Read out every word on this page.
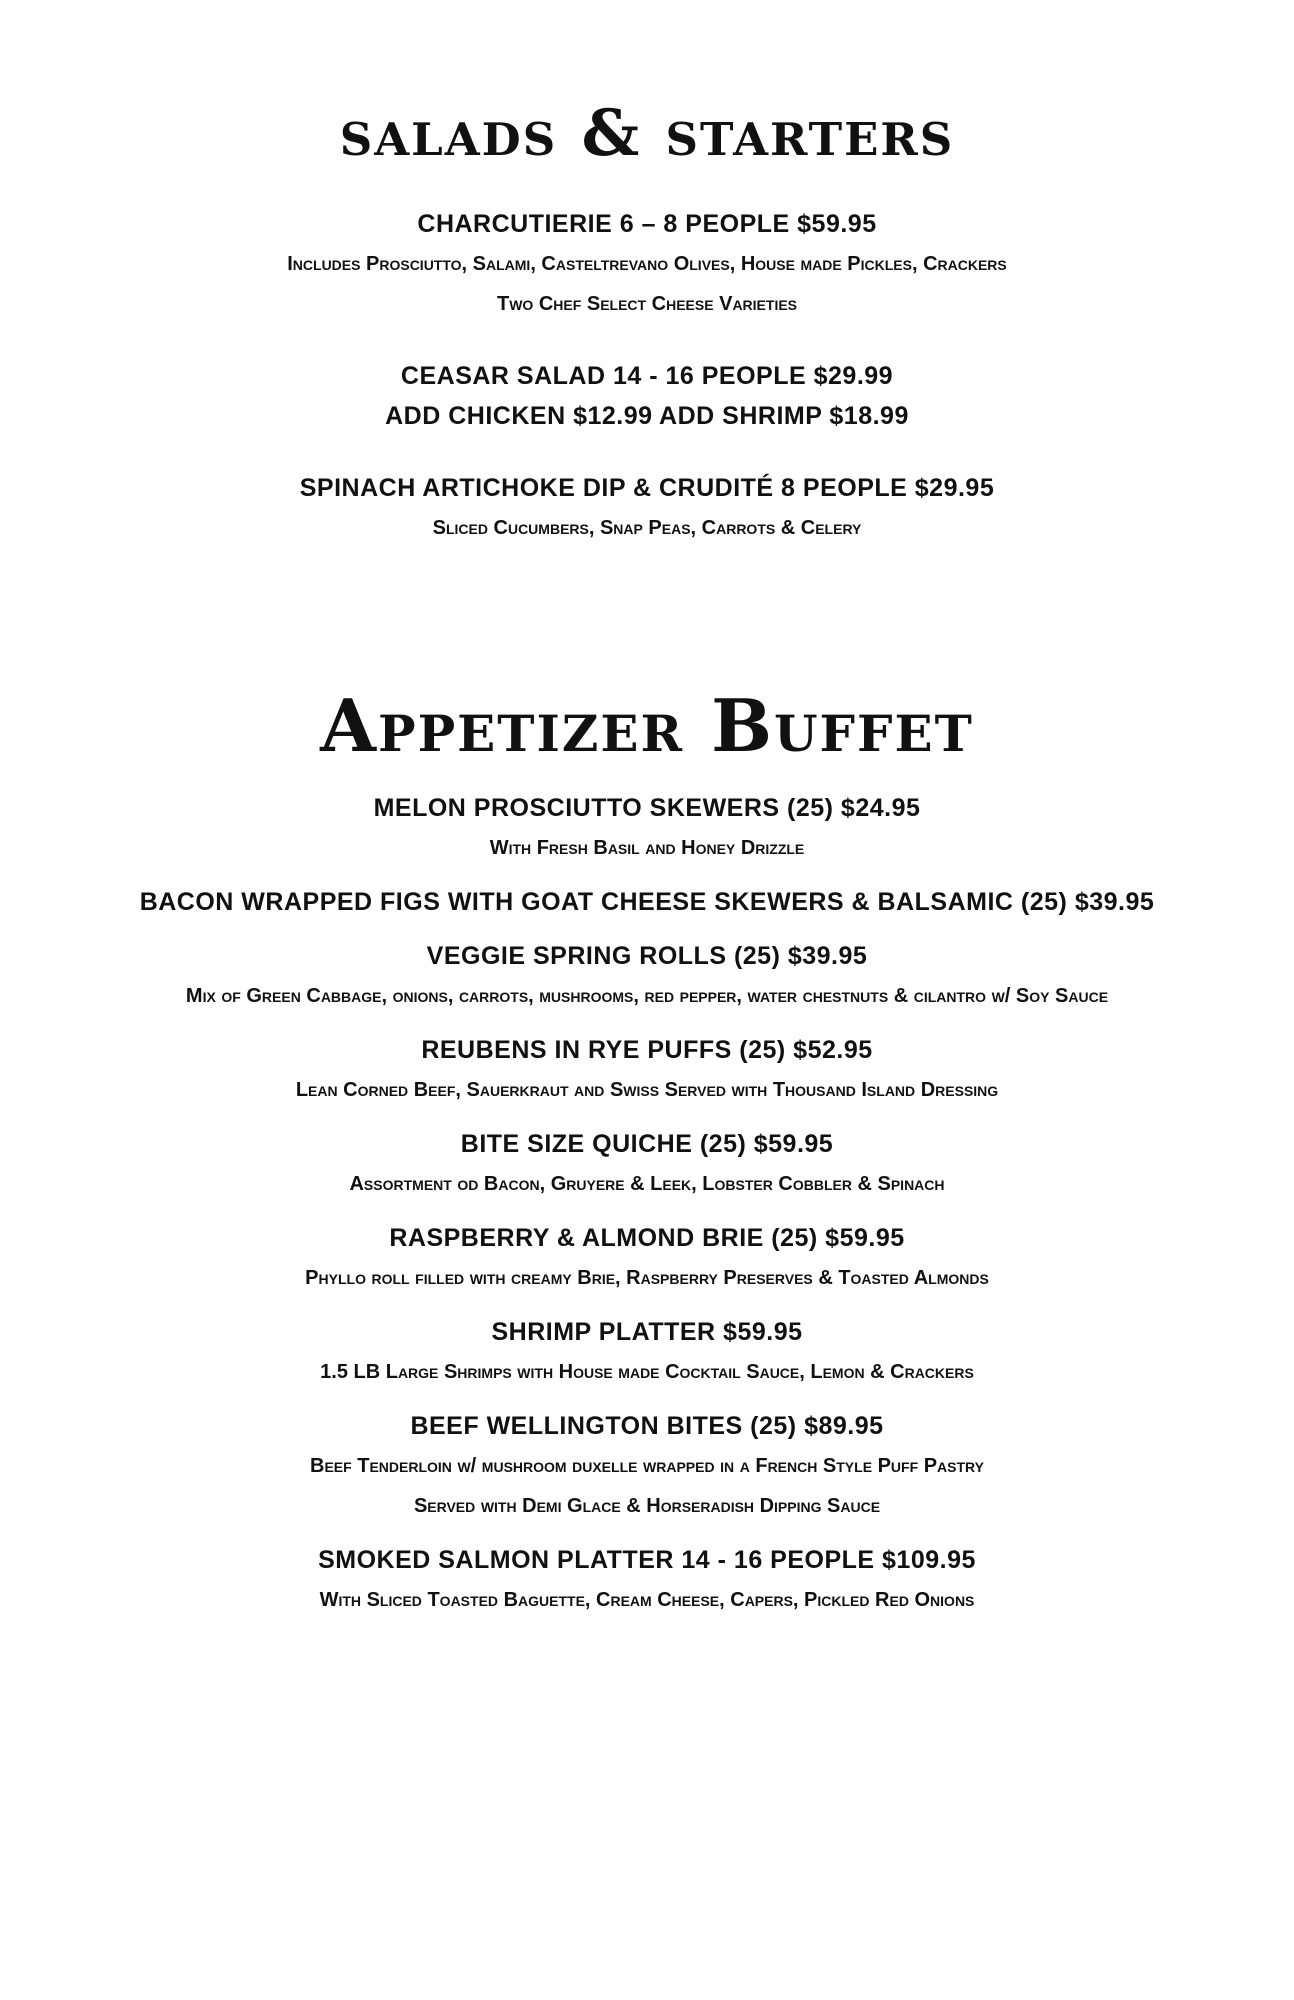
salads & starters
CHARCUTIERIE 6 – 8 PEOPLE $59.95
Includes Prosciutto, Salami, Casteltrevano Olives, House made Pickles, Crackers
Two Chef Select Cheese Varieties
CEASAR SALAD 14 - 16 PEOPLE $29.99
ADD CHICKEN $12.99 ADD SHRIMP $18.99
SPINACH ARTICHOKE DIP & CRUDITÉ 8 PEOPLE $29.95
Sliced Cucumbers, Snap Peas, Carrots & Celery
Appetizer Buffet
MELON PROSCIUTTO SKEWERS (25) $24.95
With Fresh Basil and Honey Drizzle
BACON WRAPPED FIGS WITH GOAT CHEESE SKEWERS & BALSAMIC (25) $39.95
VEGGIE SPRING ROLLS (25) $39.95
Mix of Green Cabbage, onions, carrots, mushrooms, red pepper, water chestnuts & cilantro w/ Soy Sauce
REUBENS IN RYE PUFFS (25) $52.95
Lean Corned Beef, Sauerkraut and Swiss Served with Thousand Island Dressing
BITE SIZE QUICHE (25) $59.95
Assortment od Bacon, Gruyere & Leek, Lobster Cobbler & Spinach
RASPBERRY & ALMOND BRIE (25) $59.95
Phyllo roll filled with creamy Brie, Raspberry Preserves & Toasted Almonds
SHRIMP PLATTER $59.95
1.5 LB Large Shrimps with House made Cocktail Sauce, Lemon & Crackers
BEEF WELLINGTON BITES (25) $89.95
Beef Tenderloin w/ mushroom duxelle wrapped in a French Style Puff Pastry
Served with Demi Glace & Horseradish Dipping Sauce
SMOKED SALMON PLATTER 14 - 16 PEOPLE $109.95
With Sliced Toasted Baguette, Cream Cheese, Capers, Pickled Red Onions
